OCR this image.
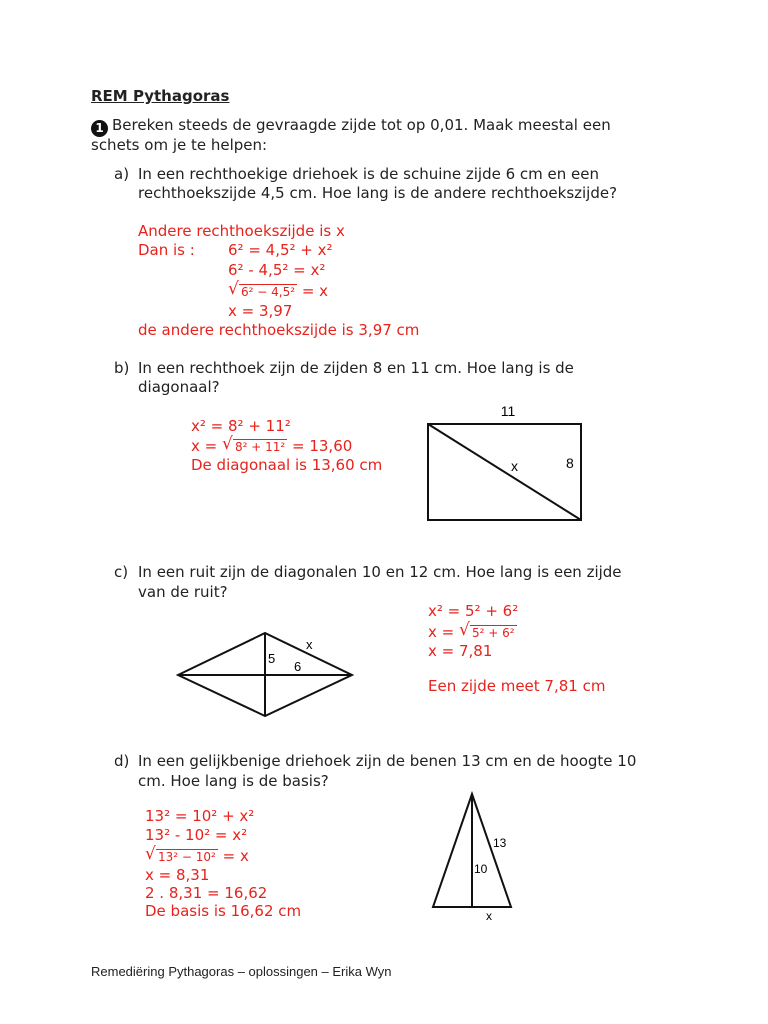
REM Pythagoras
1 Bereken steeds de gevraagde zijde tot op 0,01. Maak meestal een
schets om je te helpen:
a) In een rechthoekige driehoek is de schuine zijde 6 cm en een
rechthoekszijde 4,5 cm. Hoe lang is de andere rechthoekszijde?
Andere rechthoekszijde is x
Dan is : 6² = 4,5² + x²
6² - 4,5² = x²
√ 6² − 4,5² = x
x = 3,97
de andere rechthoekszijde is 3,97 cm
b) In een rechthoek zijn de zijden 8 en 11 cm. Hoe lang is de
diagonaal?
x² = 8² + 11²
x = √ 8² + 11² = 13,60
De diagonaal is 13,60 cm
11
8
x
c) In een ruit zijn de diagonalen 10 en 12 cm. Hoe lang is een zijde
van de ruit?
x² = 5² + 6²
x = √ 5² + 6²
x = 7,81
Een zijde meet 7,81 cm
x
5
6
d) In een gelijkbenige driehoek zijn de benen 13 cm en de hoogte 10
cm. Hoe lang is de basis?
13² = 10² + x²
13² - 10² = x²
√ 13² − 10² = x
x = 8,31
2 . 8,31 = 16,62
De basis is 16,62 cm
13
10
x
Remediëring Pythagoras – oplossingen – Erika Wyn
